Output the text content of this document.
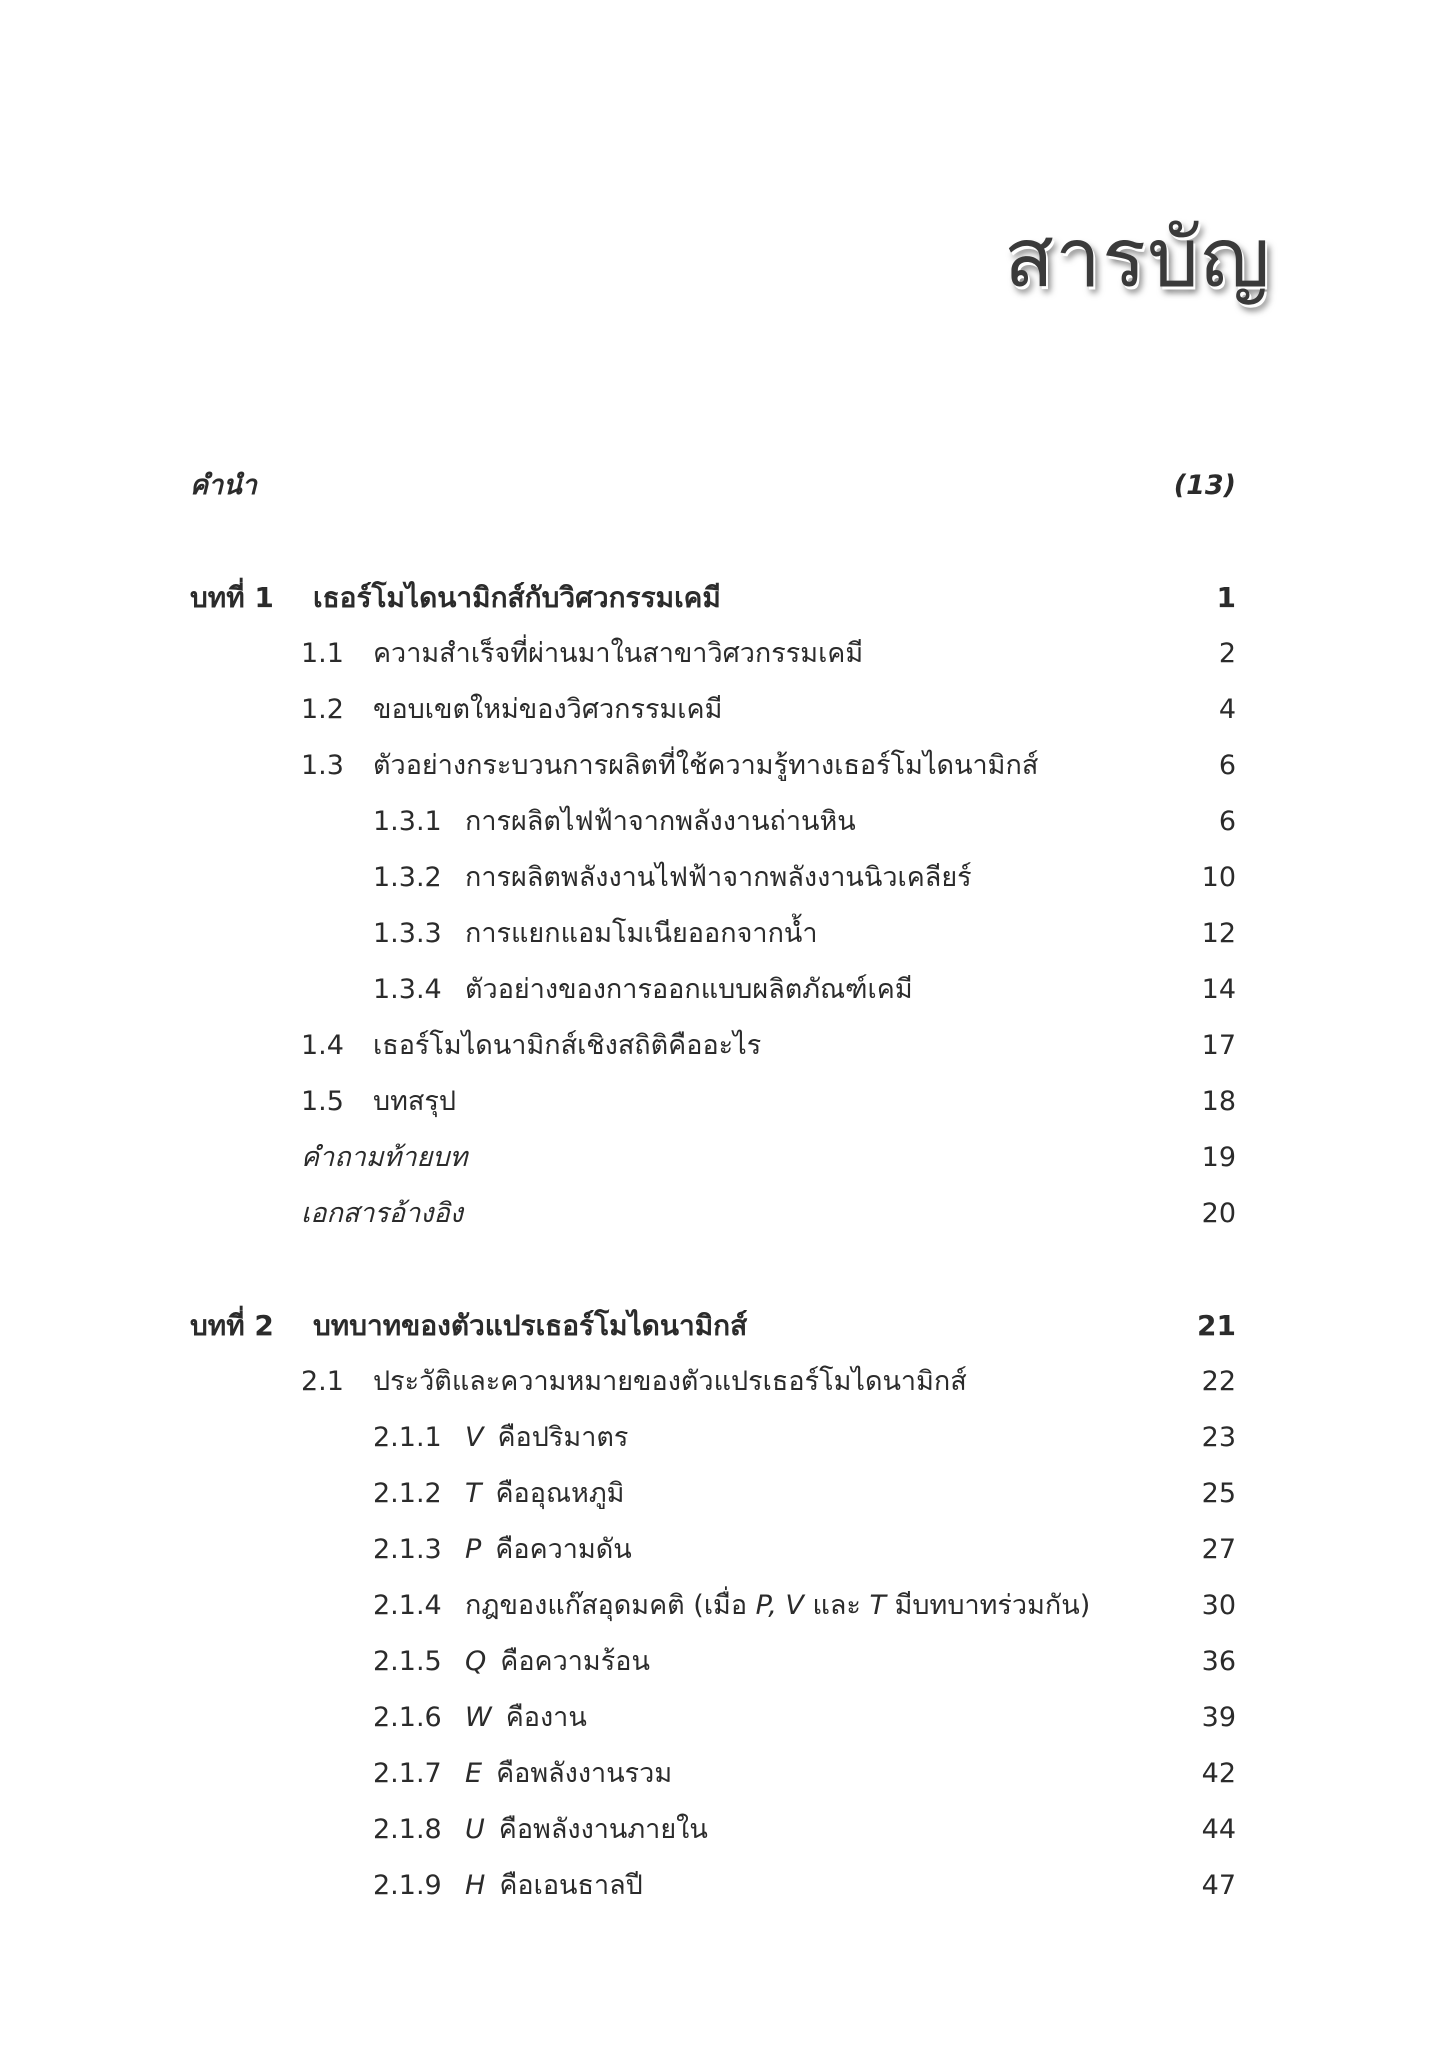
สารบัญ
คำนำ	(13)
บทที่ 1 เธอร์โมไดนามิกส์กับวิศวกรรมเคมี	1
1.1 ความสำเร็จที่ผ่านมาในสาขาวิศวกรรมเคมี	2
1.2 ขอบเขตใหม่ของวิศวกรรมเคมี	4
1.3 ตัวอย่างกระบวนการผลิตที่ใช้ความรู้ทางเธอร์โมไดนามิกส์	6
1.3.1 การผลิตไฟฟ้าจากพลังงานถ่านหิน	6
1.3.2 การผลิตพลังงานไฟฟ้าจากพลังงานนิวเคลียร์	10
1.3.3 การแยกแอมโมเนียออกจากน้ำ	12
1.3.4 ตัวอย่างของการออกแบบผลิตภัณฑ์เคมี	14
1.4 เธอร์โมไดนามิกส์เชิงสถิติคืออะไร	17
1.5 บทสรุป	18
คำถามท้ายบท	19
เอกสารอ้างอิง	20
บทที่ 2 บทบาทของตัวแปรเธอร์โมไดนามิกส์	21
2.1 ประวัติและความหมายของตัวแปรเธอร์โมไดนามิกส์	22
2.1.1 V คือปริมาตร	23
2.1.2 T คืออุณหภูมิ	25
2.1.3 P คือความดัน	27
2.1.4 กฎของแก๊สอุดมคติ (เมื่อ P, V และ T มีบทบาทร่วมกัน)	30
2.1.5 Q คือความร้อน	36
2.1.6 W คืองาน	39
2.1.7 E คือพลังงานรวม	42
2.1.8 U คือพลังงานภายใน	44
2.1.9 H คือเอนธาลปี	47
